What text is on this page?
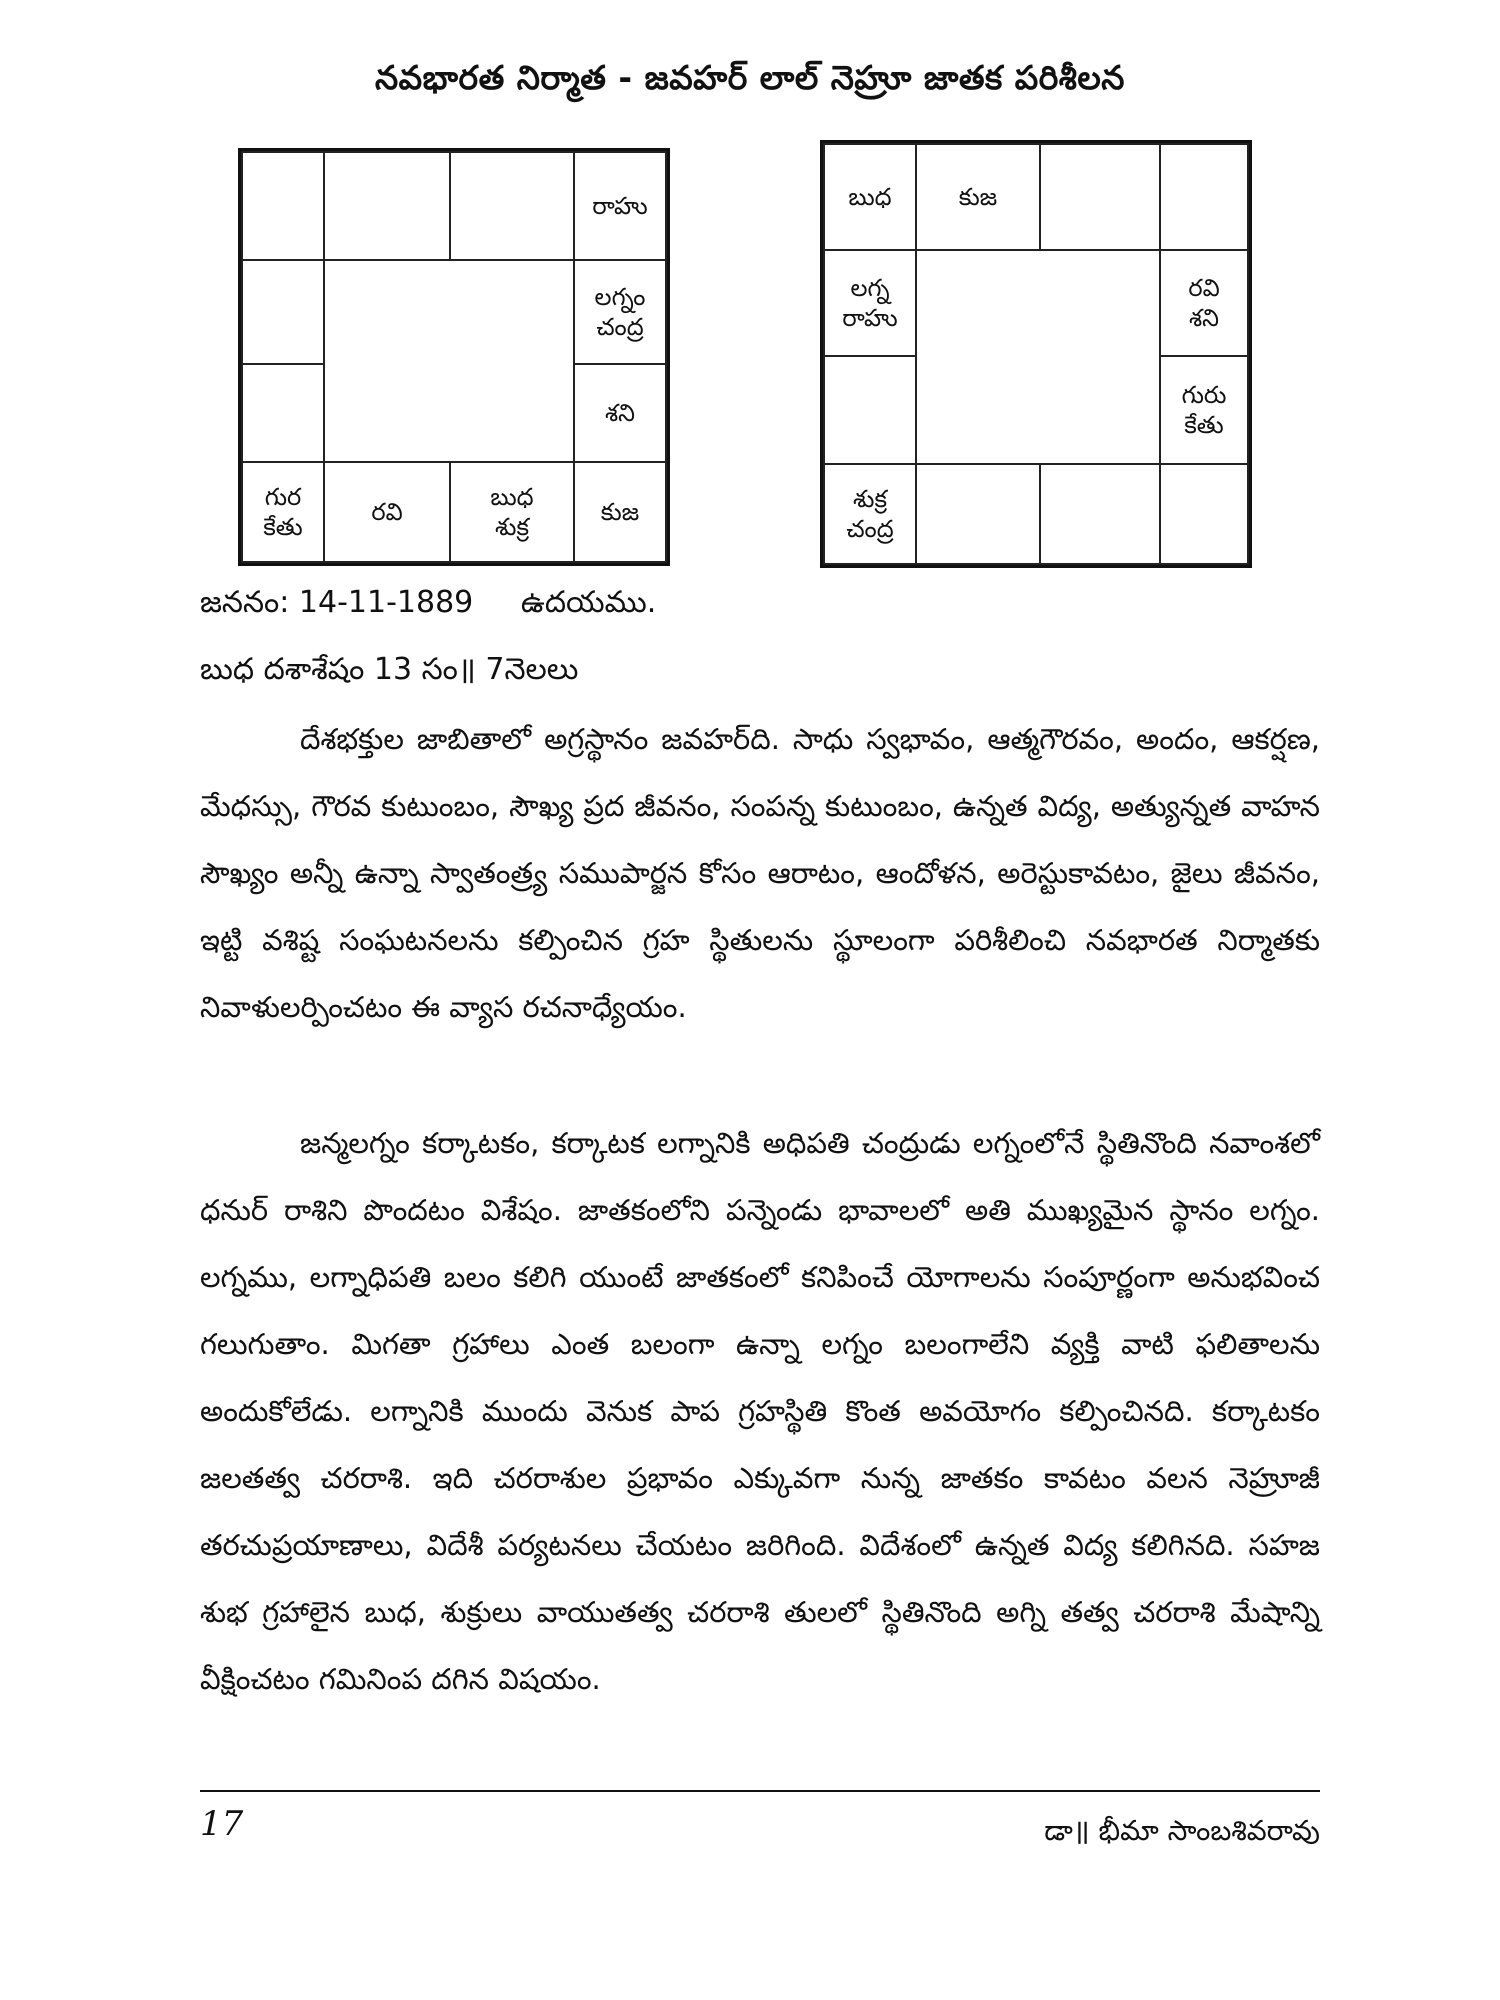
నవభారత నిర్మాత - జవహర్ లాల్ నెహ్రూ జాతక పరిశీలన
రాహు
లగ్నం
చంద్ర
శని
గుర
కేతు
రవి
బుధ
శుక్ర
కుజ
బుధ	కుజ
లగ్న
రాహు
రవి
శని
గురు
కేతు
శుక్ర
చంద్ర
జననం: 14-11-1889     ఉదయము.
బుధ దశాశేషం 13 సం॥ 7నెలలు

దేశభక్తుల జాబితాలో అగ్రస్థానం జవహర్‌ది. సాధు స్వభావం, ఆత్మగౌరవం, అందం, ఆకర్షణ, మేధస్సు, గౌరవ కుటుంబం, సౌఖ్య ప్రద జీవనం, సంపన్న కుటుంబం, ఉన్నత విద్య, అత్యున్నత వాహన సౌఖ్యం అన్నీ ఉన్నా స్వాతంత్ర్య సముపార్జన కోసం ఆరాటం, ఆందోళన, అరెస్టుకావటం, జైలు జీవనం, ఇట్టి వశిష్ట సంఘటనలను కల్పించిన గ్రహ స్థితులను స్థూలంగా పరిశీలించి నవభారత నిర్మాతకు నివాళులర్పించటం ఈ వ్యాస రచనాధ్యేయం.

జన్మలగ్నం కర్కాటకం, కర్కాటక లగ్నానికి అధిపతి చంద్రుడు లగ్నంలోనే స్థితినొంది నవాంశలో ధనుర్ రాశిని పొందటం విశేషం. జాతకంలోని పన్నెండు భావాలలో అతి ముఖ్యమైన స్థానం లగ్నం. లగ్నము, లగ్నాధిపతి బలం కలిగి యుంటే జాతకంలో కనిపించే యోగాలను సంపూర్ణంగా అనుభవించ గలుగుతాం. మిగతా గ్రహాలు ఎంత బలంగా ఉన్నా లగ్నం బలంగాలేని వ్యక్తి వాటి ఫలితాలను అందుకోలేడు. లగ్నానికి ముందు వెనుక పాప గ్రహస్థితి కొంత అవయోగం కల్పించినది. కర్కాటకం జలతత్వ చరరాశి. ఇది చరరాశుల ప్రభావం ఎక్కువగా నున్న జాతకం కావటం వలన నెహ్రూజీ తరచుప్రయాణాలు, విదేశీ పర్యటనలు చేయటం జరిగింది. విదేశంలో ఉన్నత విద్య కలిగినది. సహజ శుభ గ్రహాలైన బుధ, శుక్రులు వాయుతత్వ చరరాశి తులలో స్థితినొంది అగ్ని తత్వ చరరాశి మేషాన్ని వీక్షించటం గమినింప దగిన విషయం.

17	డా॥ భీమా సాంబశివరావు
